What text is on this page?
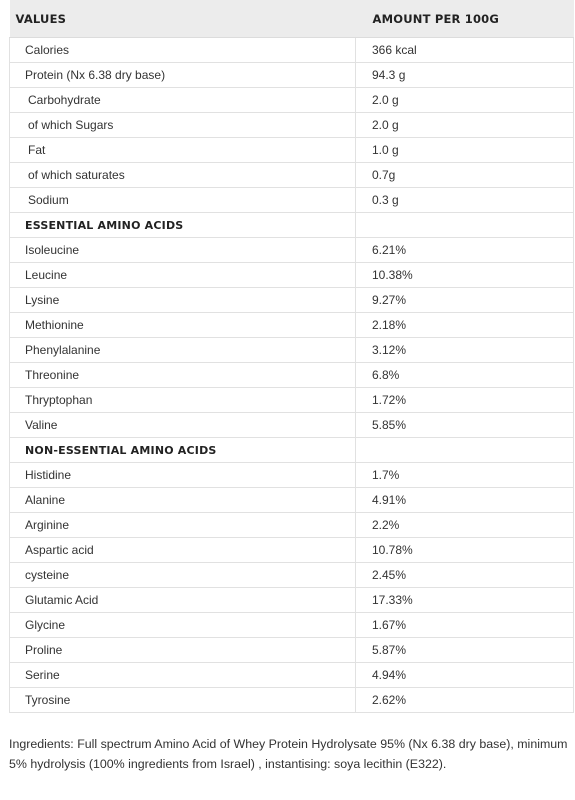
VALUES	AMOUNT PER 100G
Calories	366 kcal
Protein (Nx 6.38 dry base)	94.3 g
Carbohydrate	2.0 g
of which Sugars	2.0 g
Fat	1.0 g
of which saturates	0.7g
Sodium	0.3 g
ESSENTIAL AMINO ACIDS	
Isoleucine	6.21%
Leucine	10.38%
Lysine	9.27%
Methionine	2.18%
Phenylalanine	3.12%
Threonine	6.8%
Thryptophan	1.72%
Valine	5.85%
NON-ESSENTIAL AMINO ACIDS	
Histidine	1.7%
Alanine	4.91%
Arginine	2.2%
Aspartic acid	10.78%
cysteine	2.45%
Glutamic Acid	17.33%
Glycine	1.67%
Proline	5.87%
Serine	4.94%
Tyrosine	2.62%

Ingredients: Full spectrum Amino Acid of Whey Protein Hydrolysate 95% (Nx 6.38 dry base), minimum 5% hydrolysis (100% ingredients from Israel) , instantising: soya lecithin (E322).
